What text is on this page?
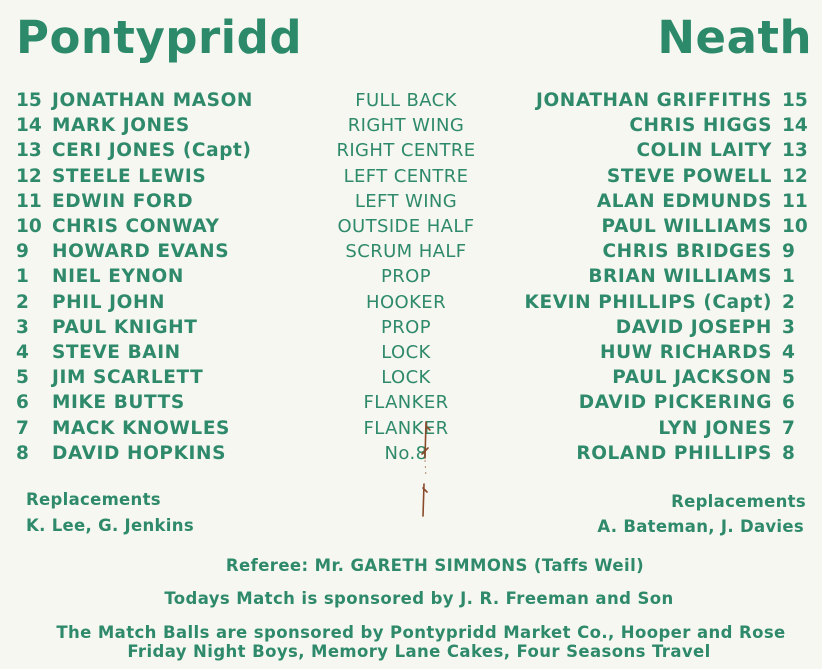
Pontypridd	Neath
15 JONATHAN MASON	FULL BACK	JONATHAN GRIFFITHS 15
14 MARK JONES	RIGHT WING	CHRIS HIGGS 14
13 CERI JONES (Capt)	RIGHT CENTRE	COLIN LAITY 13
12 STEELE LEWIS	LEFT CENTRE	STEVE POWELL 12
11 EDWIN FORD	LEFT WING	ALAN EDMUNDS 11
10 CHRIS CONWAY	OUTSIDE HALF	PAUL WILLIAMS 10
9	HOWARD EVANS	SCRUM HALF	CHRIS BRIDGES 9
1	NIEL EYNON	PROP	BRIAN WILLIAMS 1
2	PHIL JOHN	HOOKER	KEVIN PHILLIPS (Capt) 2
3	PAUL KNIGHT	PROP	DAVID JOSEPH 3
4	STEVE BAIN	LOCK	HUW RICHARDS 4
5	JIM SCARLETT	LOCK	PAUL JACKSON 5
6	MIKE BUTTS	FLANKER	DAVID PICKERING 6
7	MACK KNOWLES	FLANKER	LYN JONES 7
8	DAVID HOPKINS	No.8	ROLAND PHILLIPS 8
Replacements
K. Lee, G. Jenkins
Replacements
A. Bateman, J. Davies
Referee: Mr. GARETH SIMMONS (Taffs Weil)
Todays Match is sponsored by J. R. Freeman and Son
The Match Balls are sponsored by Pontypridd Market Co., Hooper and Rose
Friday Night Boys, Memory Lane Cakes, Four Seasons Travel
